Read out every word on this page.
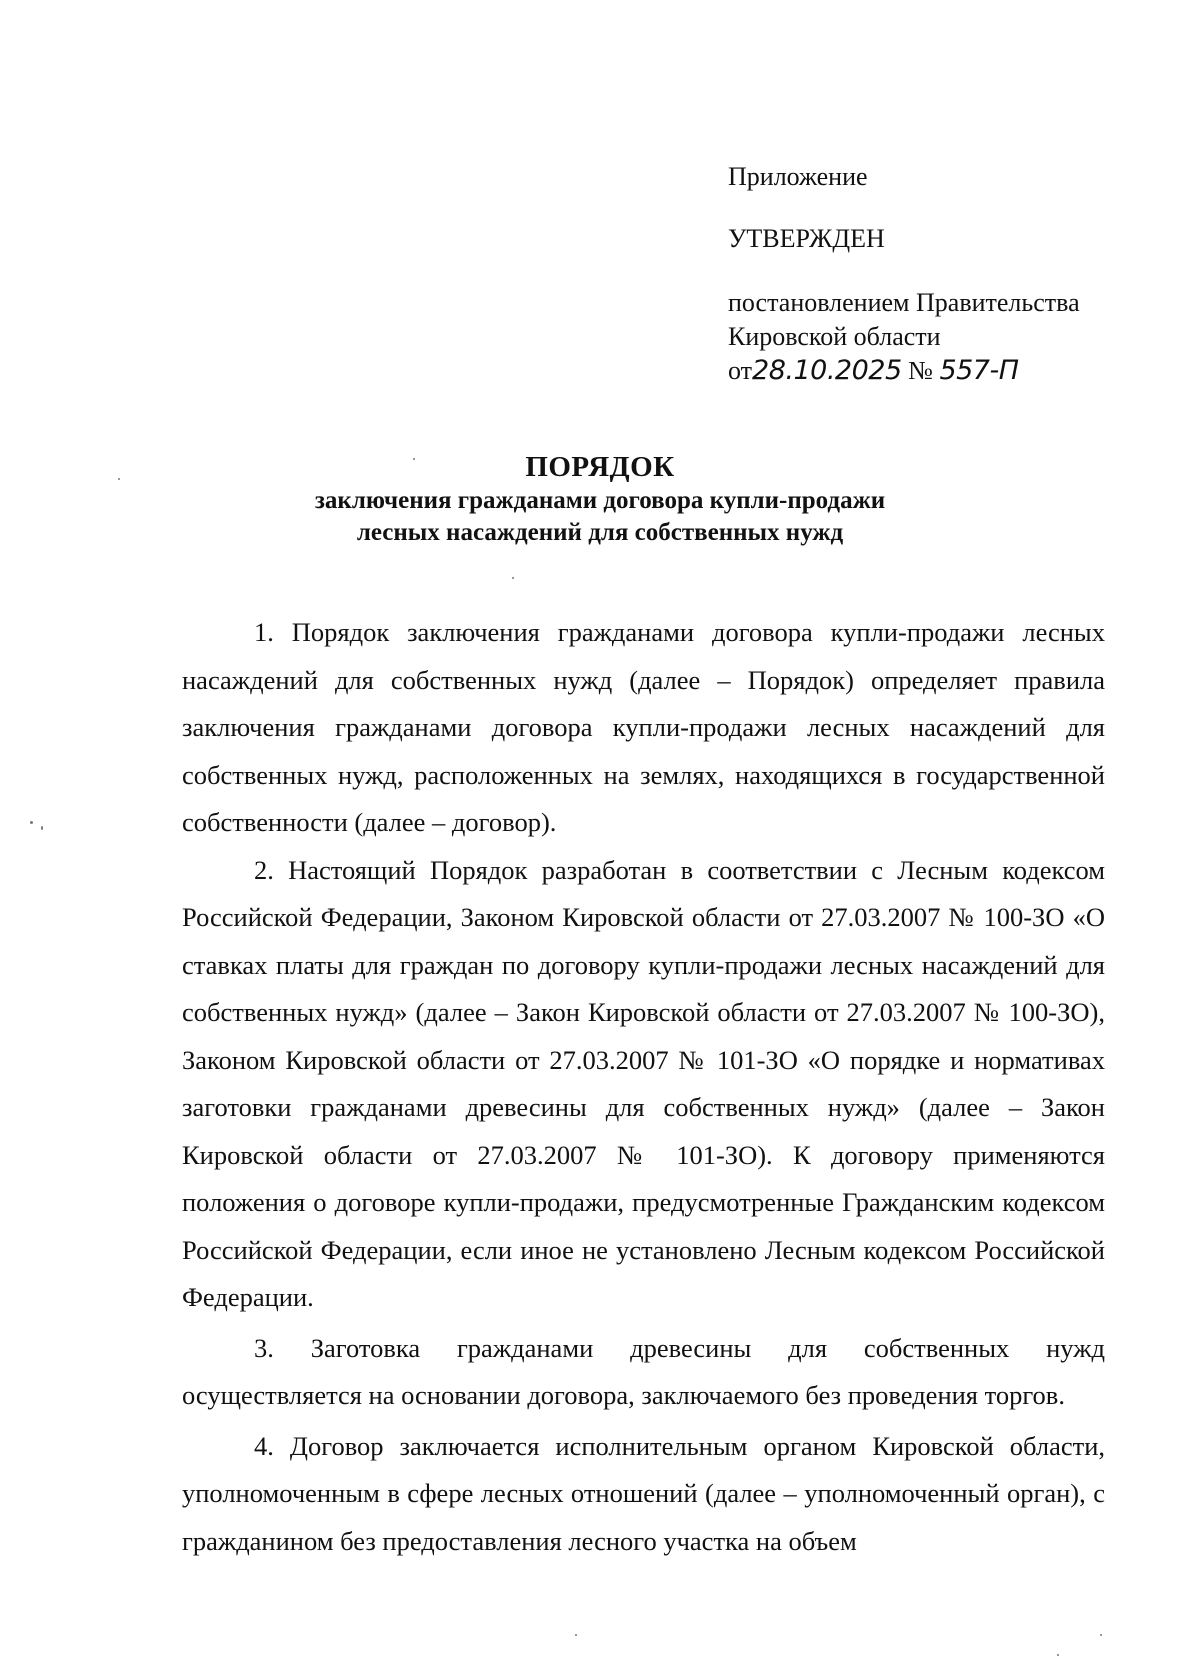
Приложение
УТВЕРЖДЕН
постановлением Правительства
Кировской области
от28.10.2025 № 557-П
ПОРЯДОК
заключения гражданами договора купли-продажи
лесных насаждений для собственных нужд

1. Порядок заключения гражданами договора купли-продажи лесных насаждений для собственных нужд (далее – Порядок) определяет правила заключения гражданами договора купли-продажи лесных насаждений для собственных нужд, расположенных на землях, находящихся в государственной собственности (далее – договор).

2. Настоящий Порядок разработан в соответствии с Лесным кодексом Российской Федерации, Законом Кировской области от 27.03.2007 № 100-ЗО «О ставках платы для граждан по договору купли-продажи лесных насаждений для собственных нужд» (далее – Закон Кировской области от 27.03.2007 № 100-ЗО), Законом Кировской области от 27.03.2007 № 101-ЗО «О порядке и нормативах заготовки гражданами древесины для собственных нужд» (далее – Закон Кировской области от 27.03.2007 № 101-ЗО). К договору применяются положения о договоре купли-продажи, предусмотренные Гражданским кодексом Российской Федерации, если иное не установлено Лесным кодексом Российской Федерации.

3. Заготовка гражданами древесины для собственных нужд осуществляется на основании договора, заключаемого без проведения торгов.

4. Договор заключается исполнительным органом Кировской области, уполномоченным в сфере лесных отношений (далее – уполномоченный орган), с гражданином без предоставления лесного участка на объем
